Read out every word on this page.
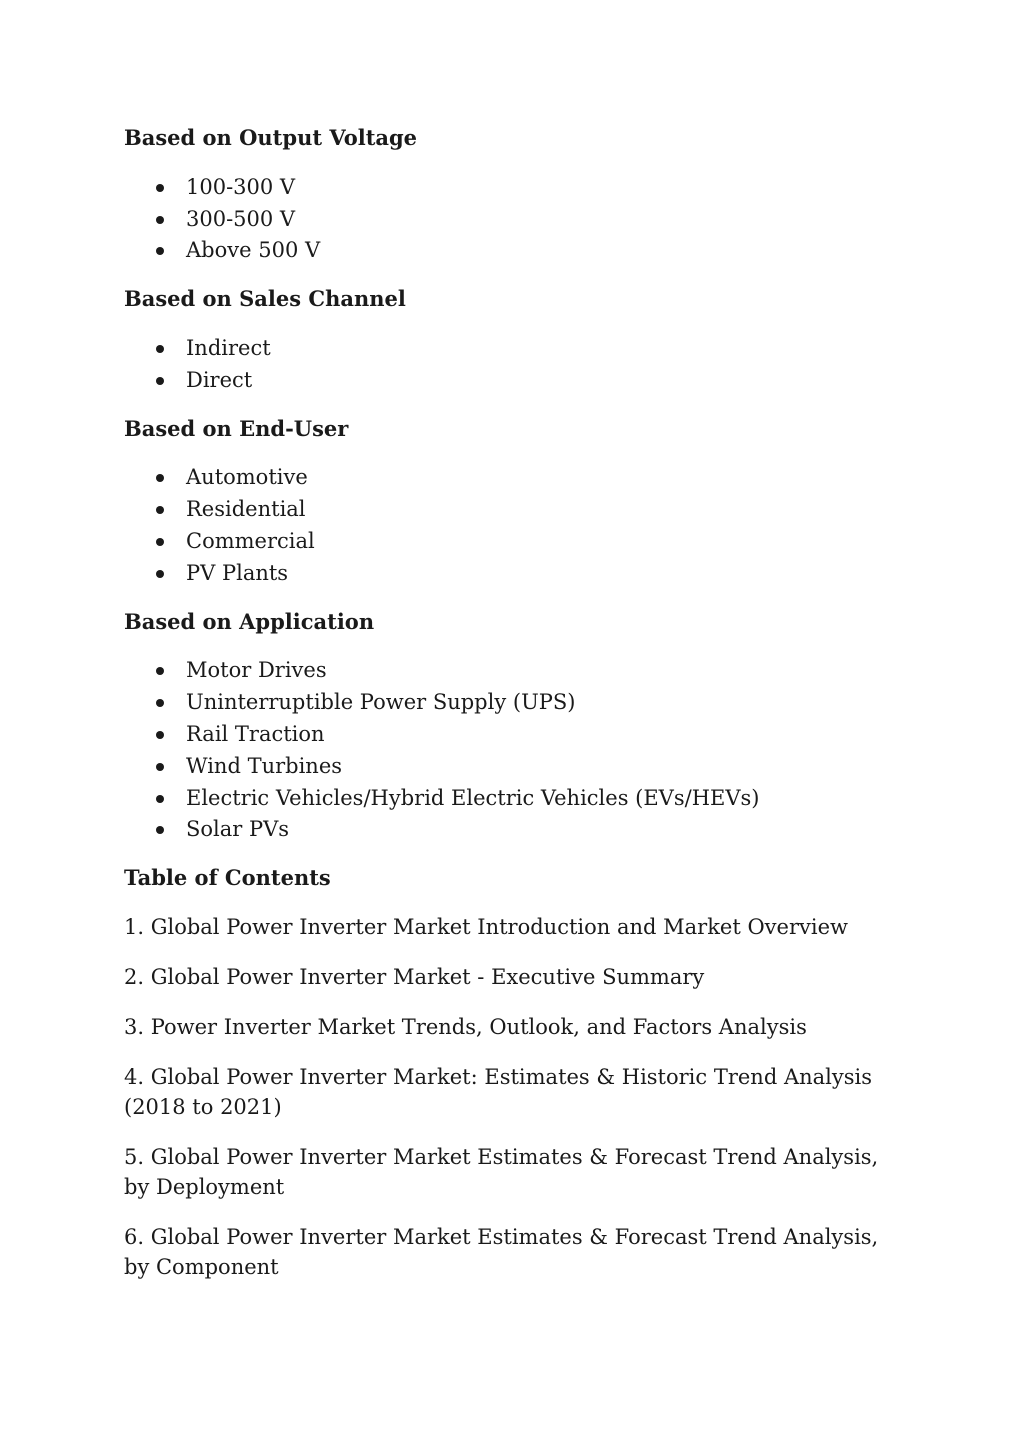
Based on Output Voltage
100-300 V
300-500 V
Above 500 V
Based on Sales Channel
Indirect
Direct
Based on End-User
Automotive
Residential
Commercial
PV Plants
Based on Application
Motor Drives
Uninterruptible Power Supply (UPS)
Rail Traction
Wind Turbines
Electric Vehicles/Hybrid Electric Vehicles (EVs/HEVs)
Solar PVs
Table of Contents
1. Global Power Inverter Market Introduction and Market Overview
2. Global Power Inverter Market - Executive Summary
3. Power Inverter Market Trends, Outlook, and Factors Analysis
4. Global Power Inverter Market: Estimates & Historic Trend Analysis (2018 to 2021)
5. Global Power Inverter Market Estimates & Forecast Trend Analysis, by Deployment
6. Global Power Inverter Market Estimates & Forecast Trend Analysis, by Component
